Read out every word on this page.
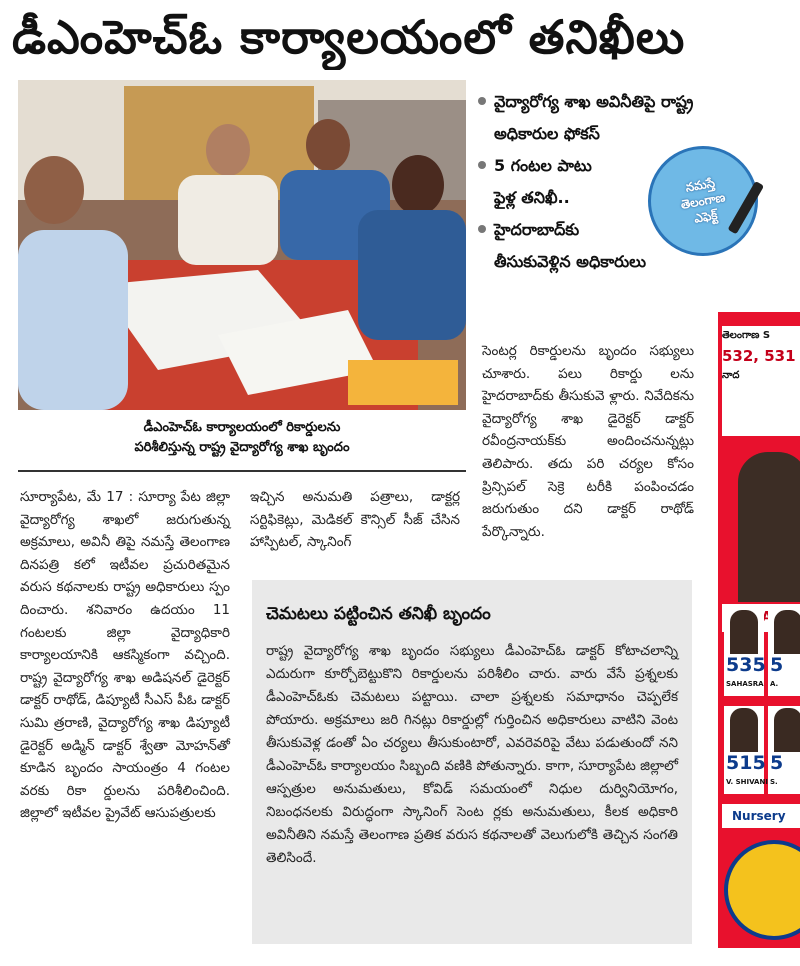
డీఎంహెచ్‌ఓ కార్యాలయంలో తనిఖీలు
డీఎంహెచ్‌ఓ కార్యాలయంలో రికార్డులను
పరిశీలిస్తున్న రాష్ట్ర వైద్యారోగ్య శాఖ బృందం
వైద్యారోగ్య శాఖ అవినీతిపై రాష్ట్ర
అధికారుల ఫోకస్
5 గంటల పాటు
ఫైళ్ల తనిఖీ..
హైదరాబాద్‌కు
తీసుకువెళ్లిన అధికారులు
నమస్తే
తెలంగాణ
ఎఫెక్ట్

సూర్యాపేట, మే 17 : సూర్యా పేట జిల్లా వైద్యారోగ్య శాఖలో జరుగుతున్న అక్రమాలు, అవినీ తిపై నమస్తే తెలంగాణ దినపత్రి కలో ఇటీవల ప్రచురితమైన వరుస కథనాలకు రాష్ట్ర అధికారులు స్పం దించారు. శనివారం ఉదయం 11 గంటలకు జిల్లా వైద్యాధికారి కార్యాలయానికి ఆకస్మికంగా వచ్చింది. రాష్ట్ర వైద్యారోగ్య శాఖ అడిషనల్ డైరెక్టర్ డాక్టర్ రాథోడ్, డిప్యూటీ సీఎస్ పీఓ డాక్టర్ సుమి త్రరాణి, వైద్యారోగ్య శాఖ డిప్యూటీ డైరెక్టర్ అడ్మిన్ డాక్టర్ శ్వేతా మోహన్‌తో కూడిన బృందం సాయంత్రం 4 గంటల వరకు రికా ర్డులను పరిశీలించింది. జిల్లాలో ఇటీవల ప్రైవేట్ ఆసుపత్రులకు

ఇచ్చిన అనుమతి పత్రాలు, డాక్టర్ల సర్టిఫికెట్లు, మెడికల్ కౌన్సిల్ సీజ్ చేసిన హాస్పిటల్, స్కానింగ్

సెంటర్ల రికార్డులను బృందం సభ్యులు చూశారు. పలు రికార్డు లను హైదరాబాద్‌కు తీసుకువె ళ్లారు. నివేదికను వైద్యారోగ్య శాఖ డైరెక్టర్ డాక్టర్ రవీంద్రనాయక్‌కు అందించనున్నట్లు తెలిపారు. తదు పరి చర్యల కోసం ప్రిన్సిపల్ సెక్రె టరీకి పంపించడం జరుగుతుం దని డాక్టర్ రాథోడ్ పేర్కొన్నారు.

చెమటలు పట్టించిన తనిఖీ బృందం

రాష్ట్ర వైద్యారోగ్య శాఖ బృందం సభ్యులు డీఎంహెచ్‌ఓ డాక్టర్ కోటాచలాన్ని ఎదురుగా కూర్చోబెట్టుకొని రికార్డులను పరిశీలిం చారు. వారు వేసే ప్రశ్నలకు డీఎంహెచ్‌ఓకు చెమటలు పట్టాయి. చాలా ప్రశ్నలకు సమాధానం చెప్పలేక పోయారు. అక్రమాలు జరి గినట్లు రికార్డుల్లో గుర్తించిన అధికారులు వాటిని వెంట తీసుకువెళ్ల డంతో ఏం చర్యలు తీసుకుంటారో, ఎవరెవరిపై వేటు పడుతుందో నని డీఎంహెచ్‌ఓ కార్యాలయం సిబ్బంది వణికి పోతున్నారు. కాగా, సూర్యాపేట జిల్లాలో ఆస్పత్రుల అనుమతులు, కోవిడ్ సమయంలో నిధుల దుర్వినియోగం, నిబంధనలకు విరుద్ధంగా స్కానింగ్ సెంట ర్లకు అనుమతులు, కీలక అధికారి అవినీతిని నమస్తే తెలంగాణ ప్రతిక వరుస కథనాలతో వెలుగులోకి తెచ్చిన సంగతి తెలిసిందే.

తెలంగాణ S
532, 531
నాద
535
SAHASRA
5
A.
515
V. SHIVANI
5
S.
Nursery
